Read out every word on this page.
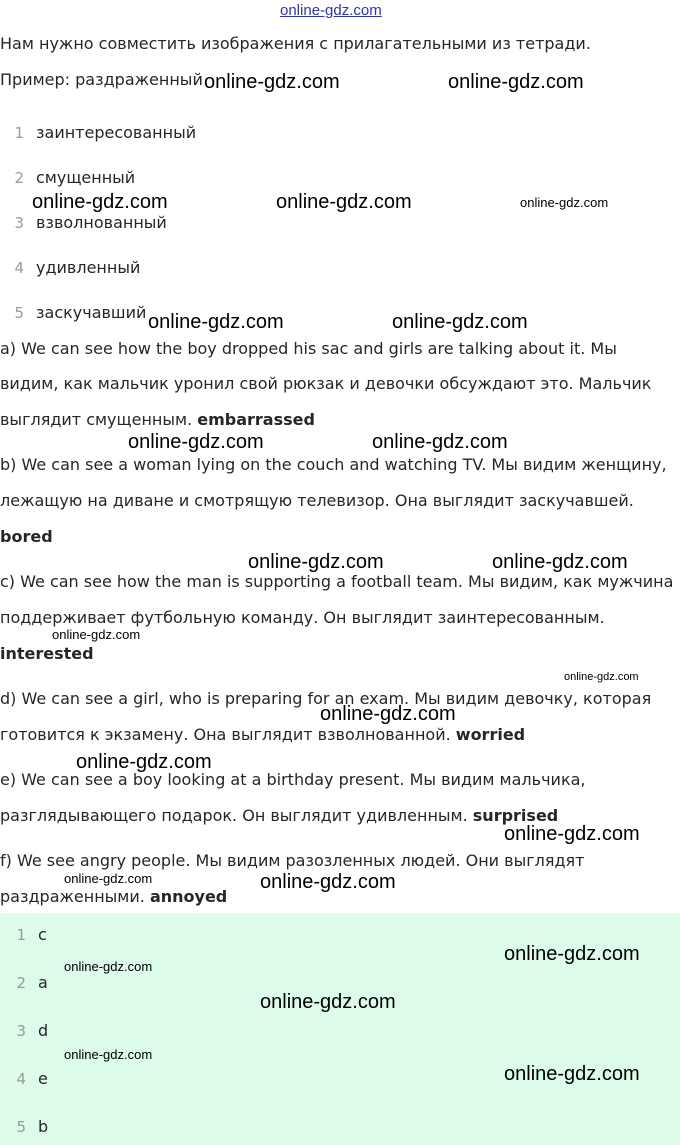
online-gdz.com
Нам нужно совместить изображения с прилагательными из тетради.
Пример: раздраженный
1 заинтересованный
2 смущенный
3 взволнованный
4 удивленный
5 заскучавший
a) We can see how the boy dropped his sac and girls are talking about it. Мы
видим, как мальчик уронил свой рюкзак и девочки обсуждают это. Мальчик
выглядит смущенным. embarrassed
b) We can see a woman lying on the couch and watching TV. Мы видим женщину,
лежащую на диване и смотрящую телевизор. Она выглядит заскучавшей.
bored
c) We can see how the man is supporting a football team. Мы видим, как мужчина
поддерживает футбольную команду. Он выглядит заинтересованным.
interested
d) We can see a girl, who is preparing for an exam. Мы видим девочку, которая
готовится к экзамену. Она выглядит взволнованной. worried
e) We can see a boy looking at a birthday present. Мы видим мальчика,
разглядывающего подарок. Он выглядит удивленным. surprised
f) We see angry people. Мы видим разозленных людей. Они выглядят
раздраженными. annoyed
1 c
2 a
3 d
4 e
5 b
online-gdz.com	online-gdz.com
online-gdz.com	online-gdz.com	online-gdz.com
online-gdz.com	online-gdz.com
online-gdz.com	online-gdz.com
online-gdz.com	online-gdz.com
online-gdz.com
online-gdz.com
online-gdz.com
online-gdz.com
online-gdz.com
online-gdz.com	online-gdz.com
online-gdz.com
online-gdz.com
online-gdz.com
online-gdz.com
online-gdz.com
